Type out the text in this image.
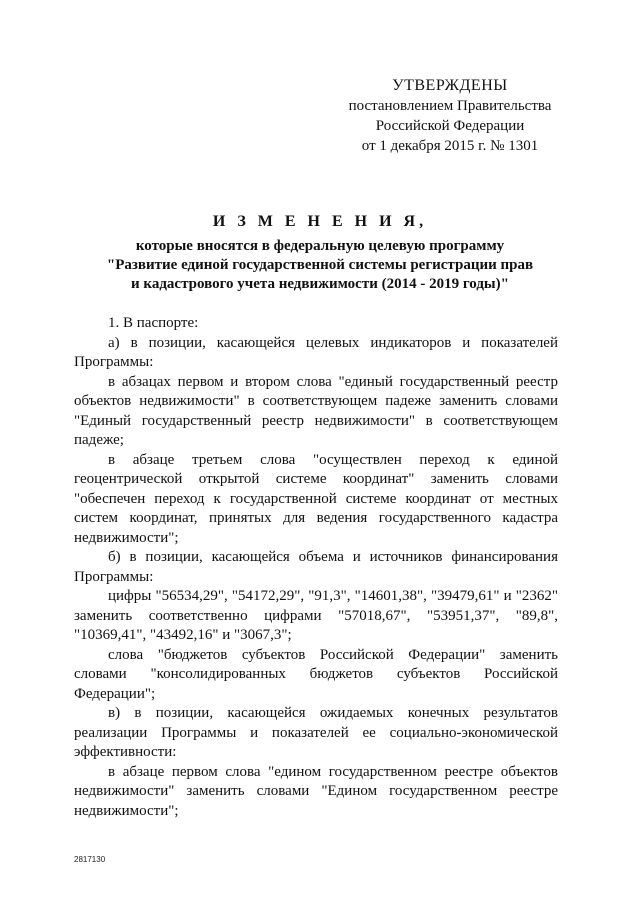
УТВЕРЖДЕНЫ
постановлением Правительства
Российской Федерации
от 1 декабря 2015 г. № 1301
И З М Е Н Е Н И Я,
которые вносятся в федеральную целевую программу
"Развитие единой государственной системы регистрации прав
и кадастрового учета недвижимости (2014 - 2019 годы)"

1. В паспорте:

а) в позиции, касающейся целевых индикаторов и показателей Программы:

в абзацах первом и втором слова "единый государственный реестр объектов недвижимости" в соответствующем падеже заменить словами "Единый государственный реестр недвижимости" в соответствующем падеже;

в абзаце третьем слова "осуществлен переход к единой геоцентрической открытой системе координат" заменить словами "обеспечен переход к государственной системе координат от местных систем координат, принятых для ведения государственного кадастра недвижимости";

б) в позиции, касающейся объема и источников финансирования Программы:

цифры "56534,29", "54172,29", "91,3", "14601,38", "39479,61" и "2362" заменить соответственно цифрами "57018,67", "53951,37", "89,8", "10369,41", "43492,16" и "3067,3";

слова "бюджетов субъектов Российской Федерации" заменить словами "консолидированных бюджетов субъектов Российской Федерации";

в) в позиции, касающейся ожидаемых конечных результатов реализации Программы и показателей ее социально-экономической эффективности:

в абзаце первом слова "едином государственном реестре объектов недвижимости" заменить словами "Едином государственном реестре недвижимости";

2817130
